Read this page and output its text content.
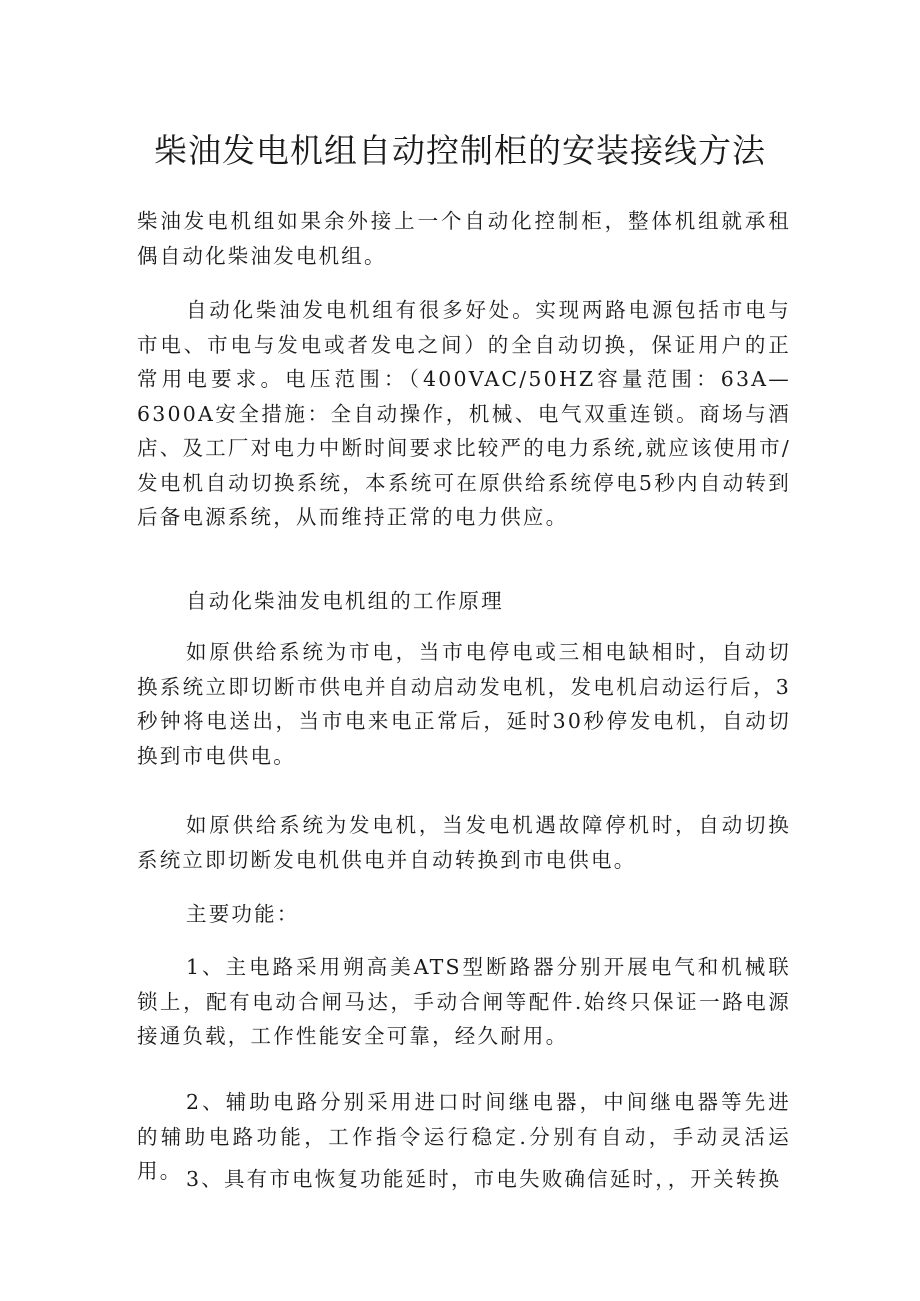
柴油发电机组自动控制柜的安装接线方法

柴油发电机组如果余外接上一个自动化控制柜，整体机组就承租偶自动化柴油发电机组。

自动化柴油发电机组有很多好处。实现两路电源包括市电与市电、市电与发电或者发电之间）的全自动切换，保证用户的正常用电要求。电压范围：（400VAC/50HZ容量范围：63A—6300A安全措施：全自动操作，机械、电气双重连锁。商场与酒店、及工厂对电力中断时间要求比较严的电力系统,就应该使用市/发电机自动切换系统，本系统可在原供给系统停电5秒内自动转到后备电源系统，从而维持正常的电力供应。

自动化柴油发电机组的工作原理

如原供给系统为市电，当市电停电或三相电缺相时，自动切换系统立即切断市供电并自动启动发电机，发电机启动运行后，3秒钟将电送出，当市电来电正常后，延时30秒停发电机，自动切换到市电供电。

如原供给系统为发电机，当发电机遇故障停机时，自动切换系统立即切断发电机供电并自动转换到市电供电。

主要功能：

1、主电路采用朔高美ATS型断路器分别开展电气和机械联锁上，配有电动合闸马达，手动合闸等配件.始终只保证一路电源接通负载，工作性能安全可靠，经久耐用。

2、辅助电路分别采用进口时间继电器，中间继电器等先进的辅助电路功能，工作指令运行稳定.分别有自动，手动灵活运用。 3、具有市电恢复功能延时，市电失败确信延时，，开关转换
